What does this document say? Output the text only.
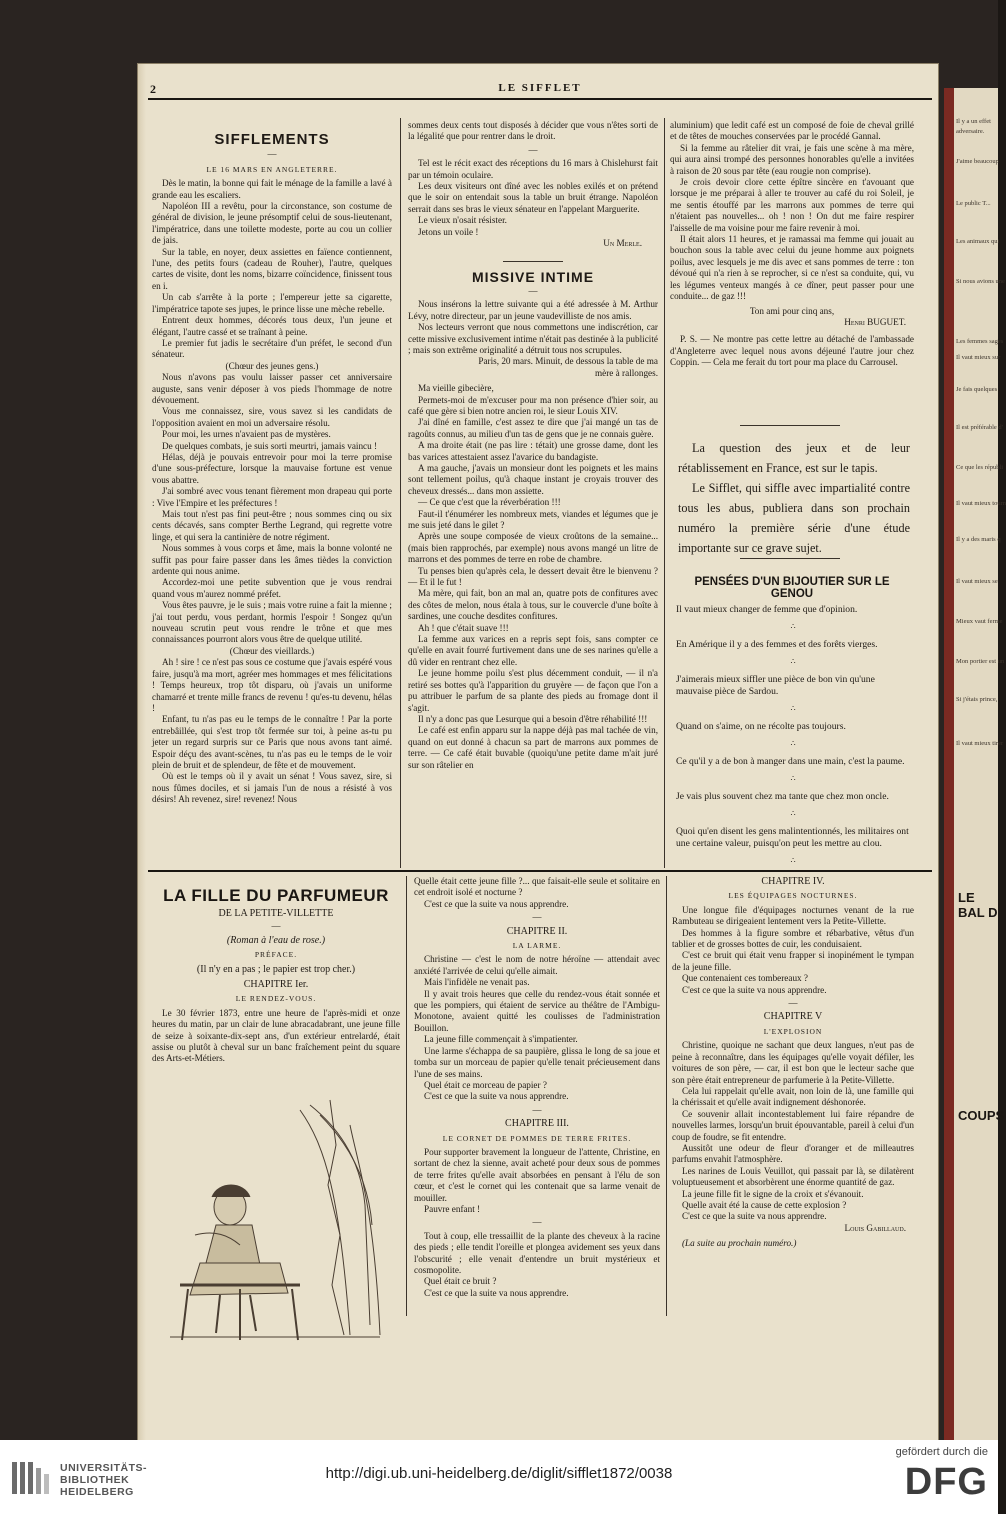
Il y a un effet
adversaire.
J'aime beaucoup
Le public T...
Les animaux qui
Si nous avions une
Les femmes sages
Il vaut mieux sur
Je fais quelques
Il est préférable d'
Ce que les républi
Il vaut mieux tourn
Il y a des maris q
Il vaut mieux se
Mieux vaut ferme
Mon portier est un
Si j'étais prince,
Il vaut mieux tirer
LE BAL D
COUPS
2	LE SIFFLET
SIFFLEMENTS
—
LE 16 MARS EN ANGLETERRE.

Dès le matin, la bonne qui fait le ménage de la famille a lavé à grande eau les escaliers.

Napoléon III a revêtu, pour la circonstance, son costume de général de division, le jeune présomptif celui de sous-lieutenant, l'impératrice, dans une toilette modeste, porte au cou un collier de jais.

Sur la table, en noyer, deux assiettes en faïence contiennent, l'une, des petits fours (cadeau de Rouher), l'autre, quelques cartes de visite, dont les noms, bizarre coïncidence, finissent tous en i.

Un cab s'arrête à la porte ; l'empereur jette sa cigarette, l'impératrice tapote ses jupes, le prince lisse une mèche rebelle.

Entrent deux hommes, décorés tous deux, l'un jeune et élégant, l'autre cassé et se traînant à peine.

Le premier fut jadis le secrétaire d'un préfet, le second d'un sénateur.

(Chœur des jeunes gens.)

Nous n'avons pas voulu laisser passer cet anniversaire auguste, sans venir déposer à vos pieds l'hommage de notre dévouement.

Vous me connaissez, sire, vous savez si les candidats de l'opposition avaient en moi un adversaire résolu.

Pour moi, les urnes n'avaient pas de mystères.

De quelques combats, je suis sorti meurtri, jamais vaincu !

Hélas, déjà je pouvais entrevoir pour moi la terre promise d'une sous-préfecture, lorsque la mauvaise fortune est venue vous abattre.

J'ai sombré avec vous tenant fièrement mon drapeau qui porte : Vive l'Empire et les préfectures !

Mais tout n'est pas fini peut-être ; nous sommes cinq ou six cents décavés, sans compter Berthe Legrand, qui regrette votre linge, et qui sera la cantinière de notre régiment.

Nous sommes à vous corps et âme, mais la bonne volonté ne suffit pas pour faire passer dans les âmes tièdes la conviction ardente qui nous anime.

Accordez-moi une petite subvention que je vous rendrai quand vous m'aurez nommé préfet.

Vous êtes pauvre, je le suis ; mais votre ruine a fait la mienne ; j'ai tout perdu, vous perdant, hormis l'espoir ! Songez qu'un nouveau scrutin peut vous rendre le trône et que mes connaissances pourront alors vous être de quelque utilité.

(Chœur des vieillards.)

Ah ! sire ! ce n'est pas sous ce costume que j'avais espéré vous faire, jusqu'à ma mort, agréer mes hommages et mes félicitations ! Temps heureux, trop tôt disparu, où j'avais un uniforme chamarré et trente mille francs de revenu ! qu'es-tu devenu, hélas !

Enfant, tu n'as pas eu le temps de le connaître ! Par la porte entrebâillée, qui s'est trop tôt fermée sur toi, à peine as-tu pu jeter un regard surpris sur ce Paris que nous avons tant aimé. Espoir déçu des avant-scènes, tu n'as pas eu le temps de le voir plein de bruit et de splendeur, de fête et de mouvement.

Où est le temps où il y avait un sénat ! Vous savez, sire, si nous fûmes dociles, et si jamais l'un de nous a résisté à vos désirs! Ah revenez, sire! revenez! Nous

sommes deux cents tout disposés à décider que vous n'êtes sorti de la légalité que pour rentrer dans le droit.

—

Tel est le récit exact des réceptions du 16 mars à Chislehurst fait par un témoin oculaire.

Les deux visiteurs ont dîné avec les nobles exilés et on prétend que le soir on entendait sous la table un bruit étrange. Napoléon serrait dans ses bras le vieux sénateur en l'appelant Marguerite.

Le vieux n'osait résister.

Jetons un voile !

Un Merle.
MISSIVE INTIME
—

Nous insérons la lettre suivante qui a été adressée à M. Arthur Lévy, notre directeur, par un jeune vaudevilliste de nos amis.

Nos lecteurs verront que nous commettons une indiscrétion, car cette missive exclusivement intime n'était pas destinée à la publicité ; mais son extrême originalité a détruit tous nos scrupules.

Paris, 20 mars. Minuit, de dessous la table de ma mère à rallonges.

Ma vieille gibecière,

Permets-moi de m'excuser pour ma non présence d'hier soir, au café que gère si bien notre ancien roi, le sieur Louis XIV.

J'ai dîné en famille, c'est assez te dire que j'ai mangé un tas de ragoûts connus, au milieu d'un tas de gens que je ne connais guère.

A ma droite était (ne pas lire : tétait) une grosse dame, dont les bas varices attestaient assez l'avarice du bandagiste.

A ma gauche, j'avais un monsieur dont les poignets et les mains sont tellement poilus, qu'à chaque instant je croyais trouver des cheveux dressés... dans mon assiette.

— Ce que c'est que la réverbération !!!

Faut-il t'énumérer les nombreux mets, viandes et légumes que je me suis jeté dans le gilet ?

Après une soupe composée de vieux croûtons de la semaine... (mais bien rapprochés, par exemple) nous avons mangé un litre de marrons et des pommes de terre en robe de chambre.

Tu penses bien qu'après cela, le dessert devait être le bienvenu ? — Et il le fut !

Ma mère, qui fait, bon an mal an, quatre pots de confitures avec des côtes de melon, nous étala à tous, sur le couvercle d'une boîte à sardines, une couche desdites confitures.

Ah ! que c'était suave !!!

La femme aux varices en a repris sept fois, sans compter ce qu'elle en avait fourré furtivement dans une de ses narines qu'elle a dû vider en rentrant chez elle.

Le jeune homme poilu s'est plus décemment conduit, — il n'a retiré ses bottes qu'à l'apparition du gruyère — de façon que l'on a pu attribuer le parfum de sa plante des pieds au fromage dont il s'agit.

Il n'y a donc pas que Lesurque qui a besoin d'être réhabilité !!!

Le café est enfin apparu sur la nappe déjà pas mal tachée de vin, quand on eut donné à chacun sa part de marrons aux pommes de terre. — Ce café était buvable (quoiqu'une petite dame m'ait juré sur son râtelier en

aluminium) que ledit café est un composé de foie de cheval grillé et de têtes de mouches conservées par le procédé Gannal.

Si la femme au râtelier dit vrai, je fais une scène à ma mère, qui aura ainsi trompé des personnes honorables qu'elle a invitées à raison de 20 sous par tête (eau rougie non comprise).

Je crois devoir clore cette épître sincère en t'avouant que lorsque je me préparai à aller te trouver au café du roi Soleil, je me sentis étouffé par les marrons aux pommes de terre qui n'étaient pas nouvelles... oh ! non ! On dut me faire respirer l'aisselle de ma voisine pour me faire revenir à moi.

Il était alors 11 heures, et je ramassai ma femme qui jouait au bouchon sous la table avec celui du jeune homme aux poignets poilus, avec lesquels je me dis avec et sans pommes de terre : ton dévoué qui n'a rien à se reprocher, si ce n'est sa conduite, qui, vu les légumes venteux mangés à ce dîner, peut passer pour une conduite... de gaz !!!

Ton ami pour cinq ans,

Henri BUGUET.

P. S. — Ne montre pas cette lettre au détaché de l'ambassade d'Angleterre avec lequel nous avons déjeuné l'autre jour chez Coppin. — Cela me ferait du tort pour ma place du Carrousel.

La question des jeux et de leur rétablissement en France, est sur le tapis.

Le Sifflet, qui siffle avec impartialité contre tous les abus, publiera dans son prochain numéro la première série d'une étude importante sur ce grave sujet.

PENSÉES D'UN BIJOUTIER SUR LE GENOU
Il vaut mieux changer de femme que d'opinion.
∴
En Amérique il y a des femmes et des forêts vierges.
∴
J'aimerais mieux siffler une pièce de bon vin qu'une mauvaise pièce de Sardou.
∴
Quand on s'aime, on ne récolte pas toujours.
∴
Ce qu'il y a de bon à manger dans une main, c'est la paume.
∴
Je vais plus souvent chez ma tante que chez mon oncle.
∴
Quoi qu'en disent les gens malintentionnés, les militaires ont une certaine valeur, puisqu'on peut les mettre au clou.
∴
LA FILLE DU PARFUMEUR

DE LA PETITE-VILLETTE

—

(Roman à l'eau de rose.)

PRÉFACE.

(Il n'y en a pas ; le papier est trop cher.)

CHAPITRE Ier.

LE RENDEZ-VOUS.

Le 30 février 1873, entre une heure de l'après-midi et onze heures du matin, par un clair de lune abracadabrant, une jeune fille de seize à soixante-dix-sept ans, d'un extérieur entrelardé, était assise ou plutôt à cheval sur un banc fraîchement peint du square des Arts-et-Métiers.

Quelle était cette jeune fille ?... que faisait-elle seule et solitaire en cet endroit isolé et nocturne ?

C'est ce que la suite va nous apprendre.

—

CHAPITRE II.

LA LARME.

Christine — c'est le nom de notre héroïne — attendait avec anxiété l'arrivée de celui qu'elle aimait.

Mais l'infidèle ne venait pas.

Il y avait trois heures que celle du rendez-vous était sonnée et que les pompiers, qui étaient de service au théâtre de l'Ambigu-Monotone, avaient quitté les coulisses de l'administration Bouillon.

La jeune fille commençait à s'impatienter.

Une larme s'échappa de sa paupière, glissa le long de sa joue et tomba sur un morceau de papier qu'elle tenait précieusement dans l'une de ses mains.

Quel était ce morceau de papier ?

C'est ce que la suite va nous apprendre.

—

CHAPITRE III.

LE CORNET DE POMMES DE TERRE FRITES.

Pour supporter bravement la longueur de l'attente, Christine, en sortant de chez la sienne, avait acheté pour deux sous de pommes de terre frites qu'elle avait absorbées en pensant à l'élu de son cœur, et c'est le cornet qui les contenait que sa larme venait de mouiller.

Pauvre enfant !

—

Tout à coup, elle tressaillit de la plante des cheveux à la racine des pieds ; elle tendit l'oreille et plongea avidement ses yeux dans l'obscurité ; elle venait d'entendre un bruit mystérieux et cosmopolite.

Quel était ce bruit ?

C'est ce que la suite va nous apprendre.

CHAPITRE IV.

LES ÉQUIPAGES NOCTURNES.

Une longue file d'équipages nocturnes venant de la rue Rambuteau se dirigeaient lentement vers la Petite-Villette.

Des hommes à la figure sombre et rébarbative, vêtus d'un tablier et de grosses bottes de cuir, les conduisaient.

C'est ce bruit qui était venu frapper si inopinément le tympan de la jeune fille.

Que contenaient ces tombereaux ?

C'est ce que la suite va nous apprendre.

—

CHAPITRE V

L'EXPLOSION

Christine, quoique ne sachant que deux langues, n'eut pas de peine à reconnaître, dans les équipages qu'elle voyait défiler, les voitures de son père, — car, il est bon que le lecteur sache que son père était entrepreneur de parfumerie à la Petite-Villette.

Cela lui rappelait qu'elle avait, non loin de là, une famille qui la chérissait et qu'elle avait indignement déshonorée.

Ce souvenir allait incontestablement lui faire répandre de nouvelles larmes, lorsqu'un bruit épouvantable, pareil à celui d'un coup de foudre, se fit entendre.

Aussitôt une odeur de fleur d'oranger et de milleautres parfums envahit l'atmosphère.

Les narines de Louis Veuillot, qui passait par là, se dilatèrent voluptueusement et absorbèrent une énorme quantité de gaz.

La jeune fille fit le signe de la croix et s'évanouit.

Quelle avait été la cause de cette explosion ?

C'est ce que la suite va nous apprendre.

Louis Gabillaud.

(La suite au prochain numéro.)

UNIVERSITÄTS-
BIBLIOTHEK
HEIDELBERG
http://digi.ub.uni-heidelberg.de/diglit/sifflet1872/0038
gefördert durch die
DFG
